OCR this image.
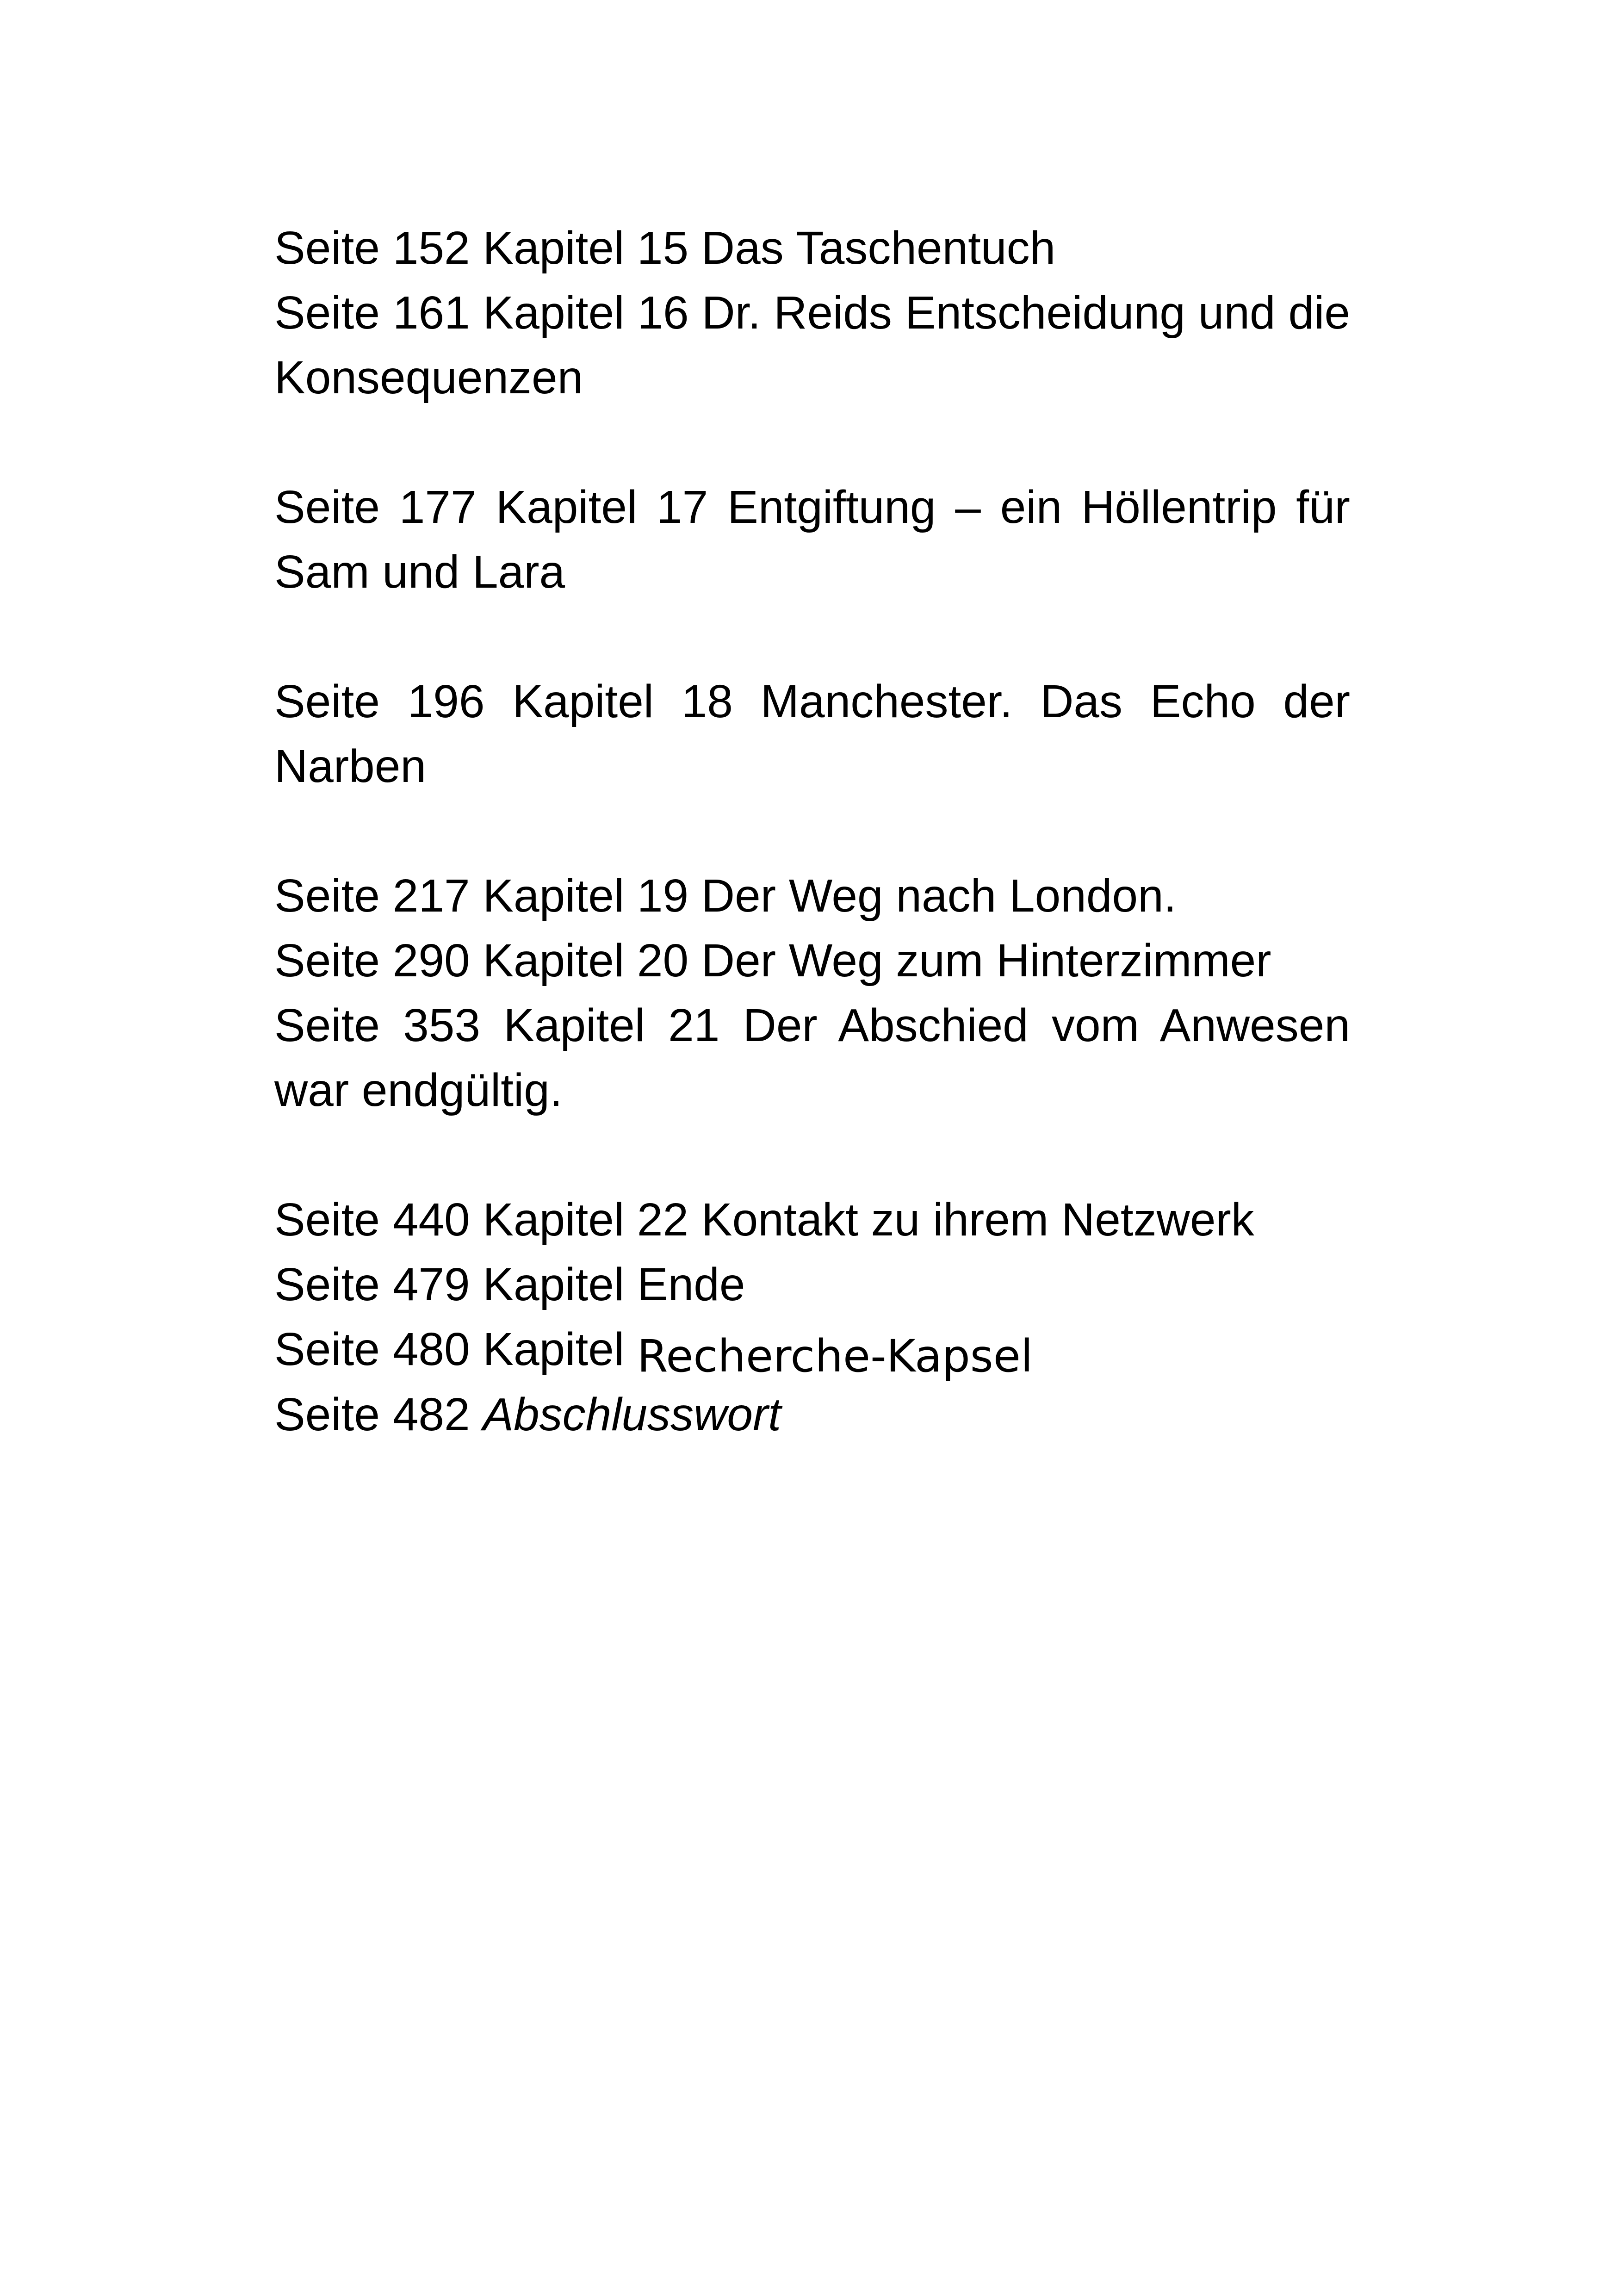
Seite 152 Kapitel 15 Das Taschentuch

Seite 161 Kapitel 16 Dr. Reids Entscheidung und die Konsequenzen

Seite 177 Kapitel 17 Entgiftung – ein Höllentrip für Sam und Lara

Seite 196 Kapitel 18 Manchester. Das Echo der Narben

Seite 217 Kapitel 19 Der Weg nach London.

Seite 290 Kapitel 20 Der Weg zum Hinterzimmer

Seite 353 Kapitel 21 Der Abschied vom Anwesen war endgültig.

Seite 440 Kapitel 22 Kontakt zu ihrem Netzwerk

Seite 479 Kapitel Ende

Seite 480 Kapitel Recherche-Kapsel

Seite 482 Abschlusswort
